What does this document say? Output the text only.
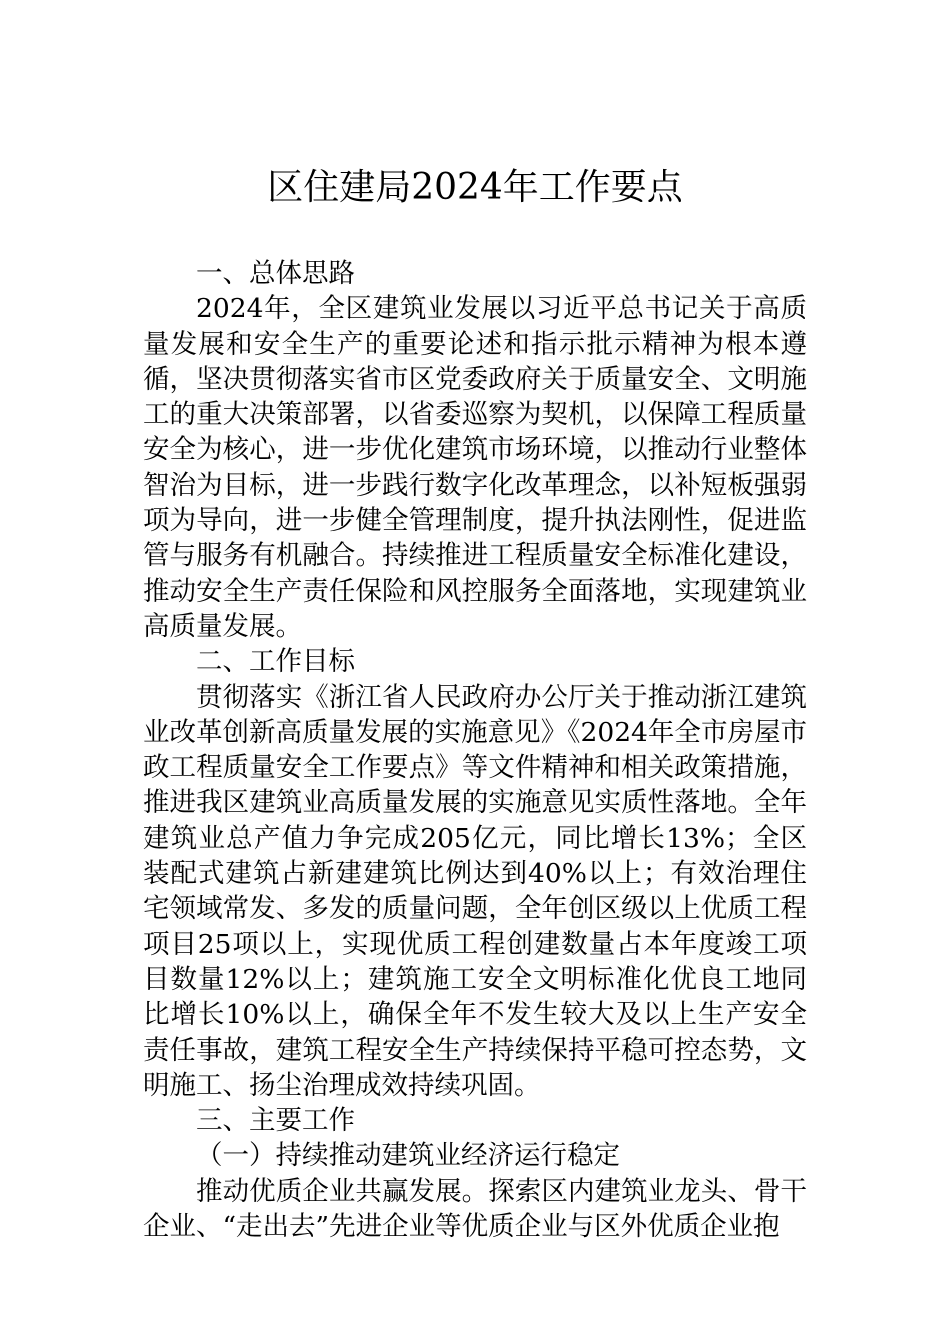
区住建局2024年工作要点

一、总体思路

2024年，全区建筑业发展以习近平总书记关于高质量发展和安全生产的重要论述和指示批示精神为根本遵循，坚决贯彻落实省市区党委政府关于质量安全、文明施工的重大决策部署，以省委巡察为契机，以保障工程质量安全为核心，进一步优化建筑市场环境，以推动行业整体智治为目标，进一步践行数字化改革理念，以补短板强弱项为导向，进一步健全管理制度，提升执法刚性，促进监管与服务有机融合。持续推进工程质量安全标准化建设，推动安全生产责任保险和风控服务全面落地，实现建筑业高质量发展。

二、工作目标

贯彻落实《浙江省人民政府办公厅关于推动浙江建筑业改革创新高质量发展的实施意见》《2024年全市房屋市政工程质量安全工作要点》等文件精神和相关政策措施，推进我区建筑业高质量发展的实施意见实质性落地。全年建筑业总产值力争完成205亿元，同比增长13%；全区装配式建筑占新建建筑比例达到40%以上；有效治理住宅领域常发、多发的质量问题，全年创区级以上优质工程项目25项以上，实现优质工程创建数量占本年度竣工项目数量12%以上；建筑施工安全文明标准化优良工地同比增长10%以上，确保全年不发生较大及以上生产安全责任事故，建筑工程安全生产持续保持平稳可控态势，文明施工、扬尘治理成效持续巩固。

三、主要工作

（一）持续推动建筑业经济运行稳定

推动优质企业共赢发展。探索区内建筑业龙头、骨干企业、“走出去”先进企业等优质企业与区外优质企业抱
